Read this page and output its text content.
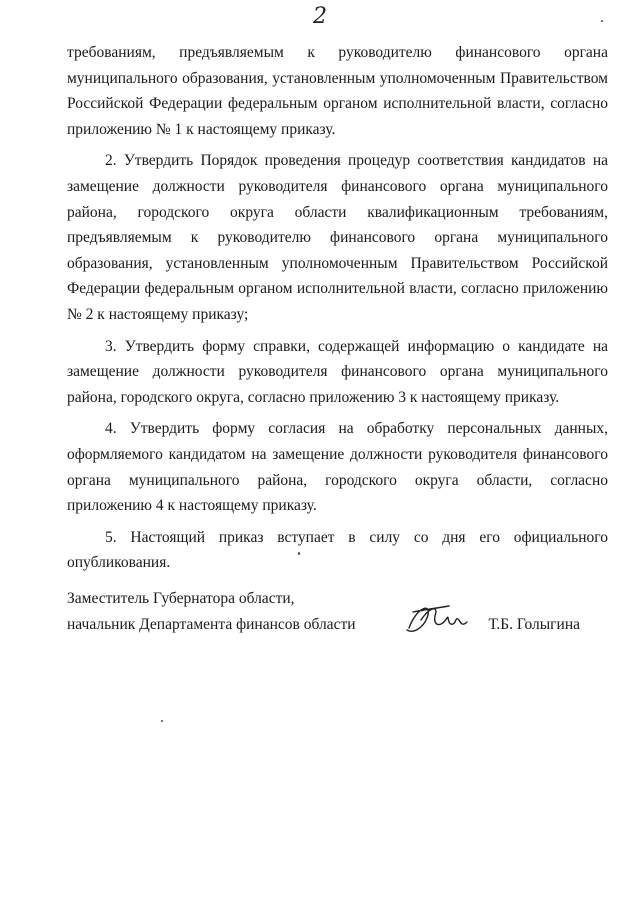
2

требованиям, предъявляемым к руководителю финансового органа муниципального образования, установленным уполномоченным Правительством Российской Федерации федеральным органом исполнительной власти, согласно приложению № 1 к настоящему приказу.

2. Утвердить Порядок проведения процедур соответствия кандидатов на замещение должности руководителя финансового органа муниципального района, городского округа области квалификационным требованиям, предъявляемым к руководителю финансового органа муниципального образования, установленным уполномоченным Правительством Российской Федерации федеральным органом исполнительной власти, согласно приложению № 2 к настоящему приказу;

3. Утвердить форму справки, содержащей информацию о кандидате на замещение должности руководителя финансового органа муниципального района, городского округа, согласно приложению 3 к настоящему приказу.

4. Утвердить форму согласия на обработку персональных данных, оформляемого кандидатом на замещение должности руководителя финансового органа муниципального района, городского округа области, согласно приложению 4 к настоящему приказу.

5. Настоящий приказ вступает в силу со дня его официального опубликования.

Заместитель Губернатора области,
начальник Департамента финансов области	Т.Б. Голыгина
